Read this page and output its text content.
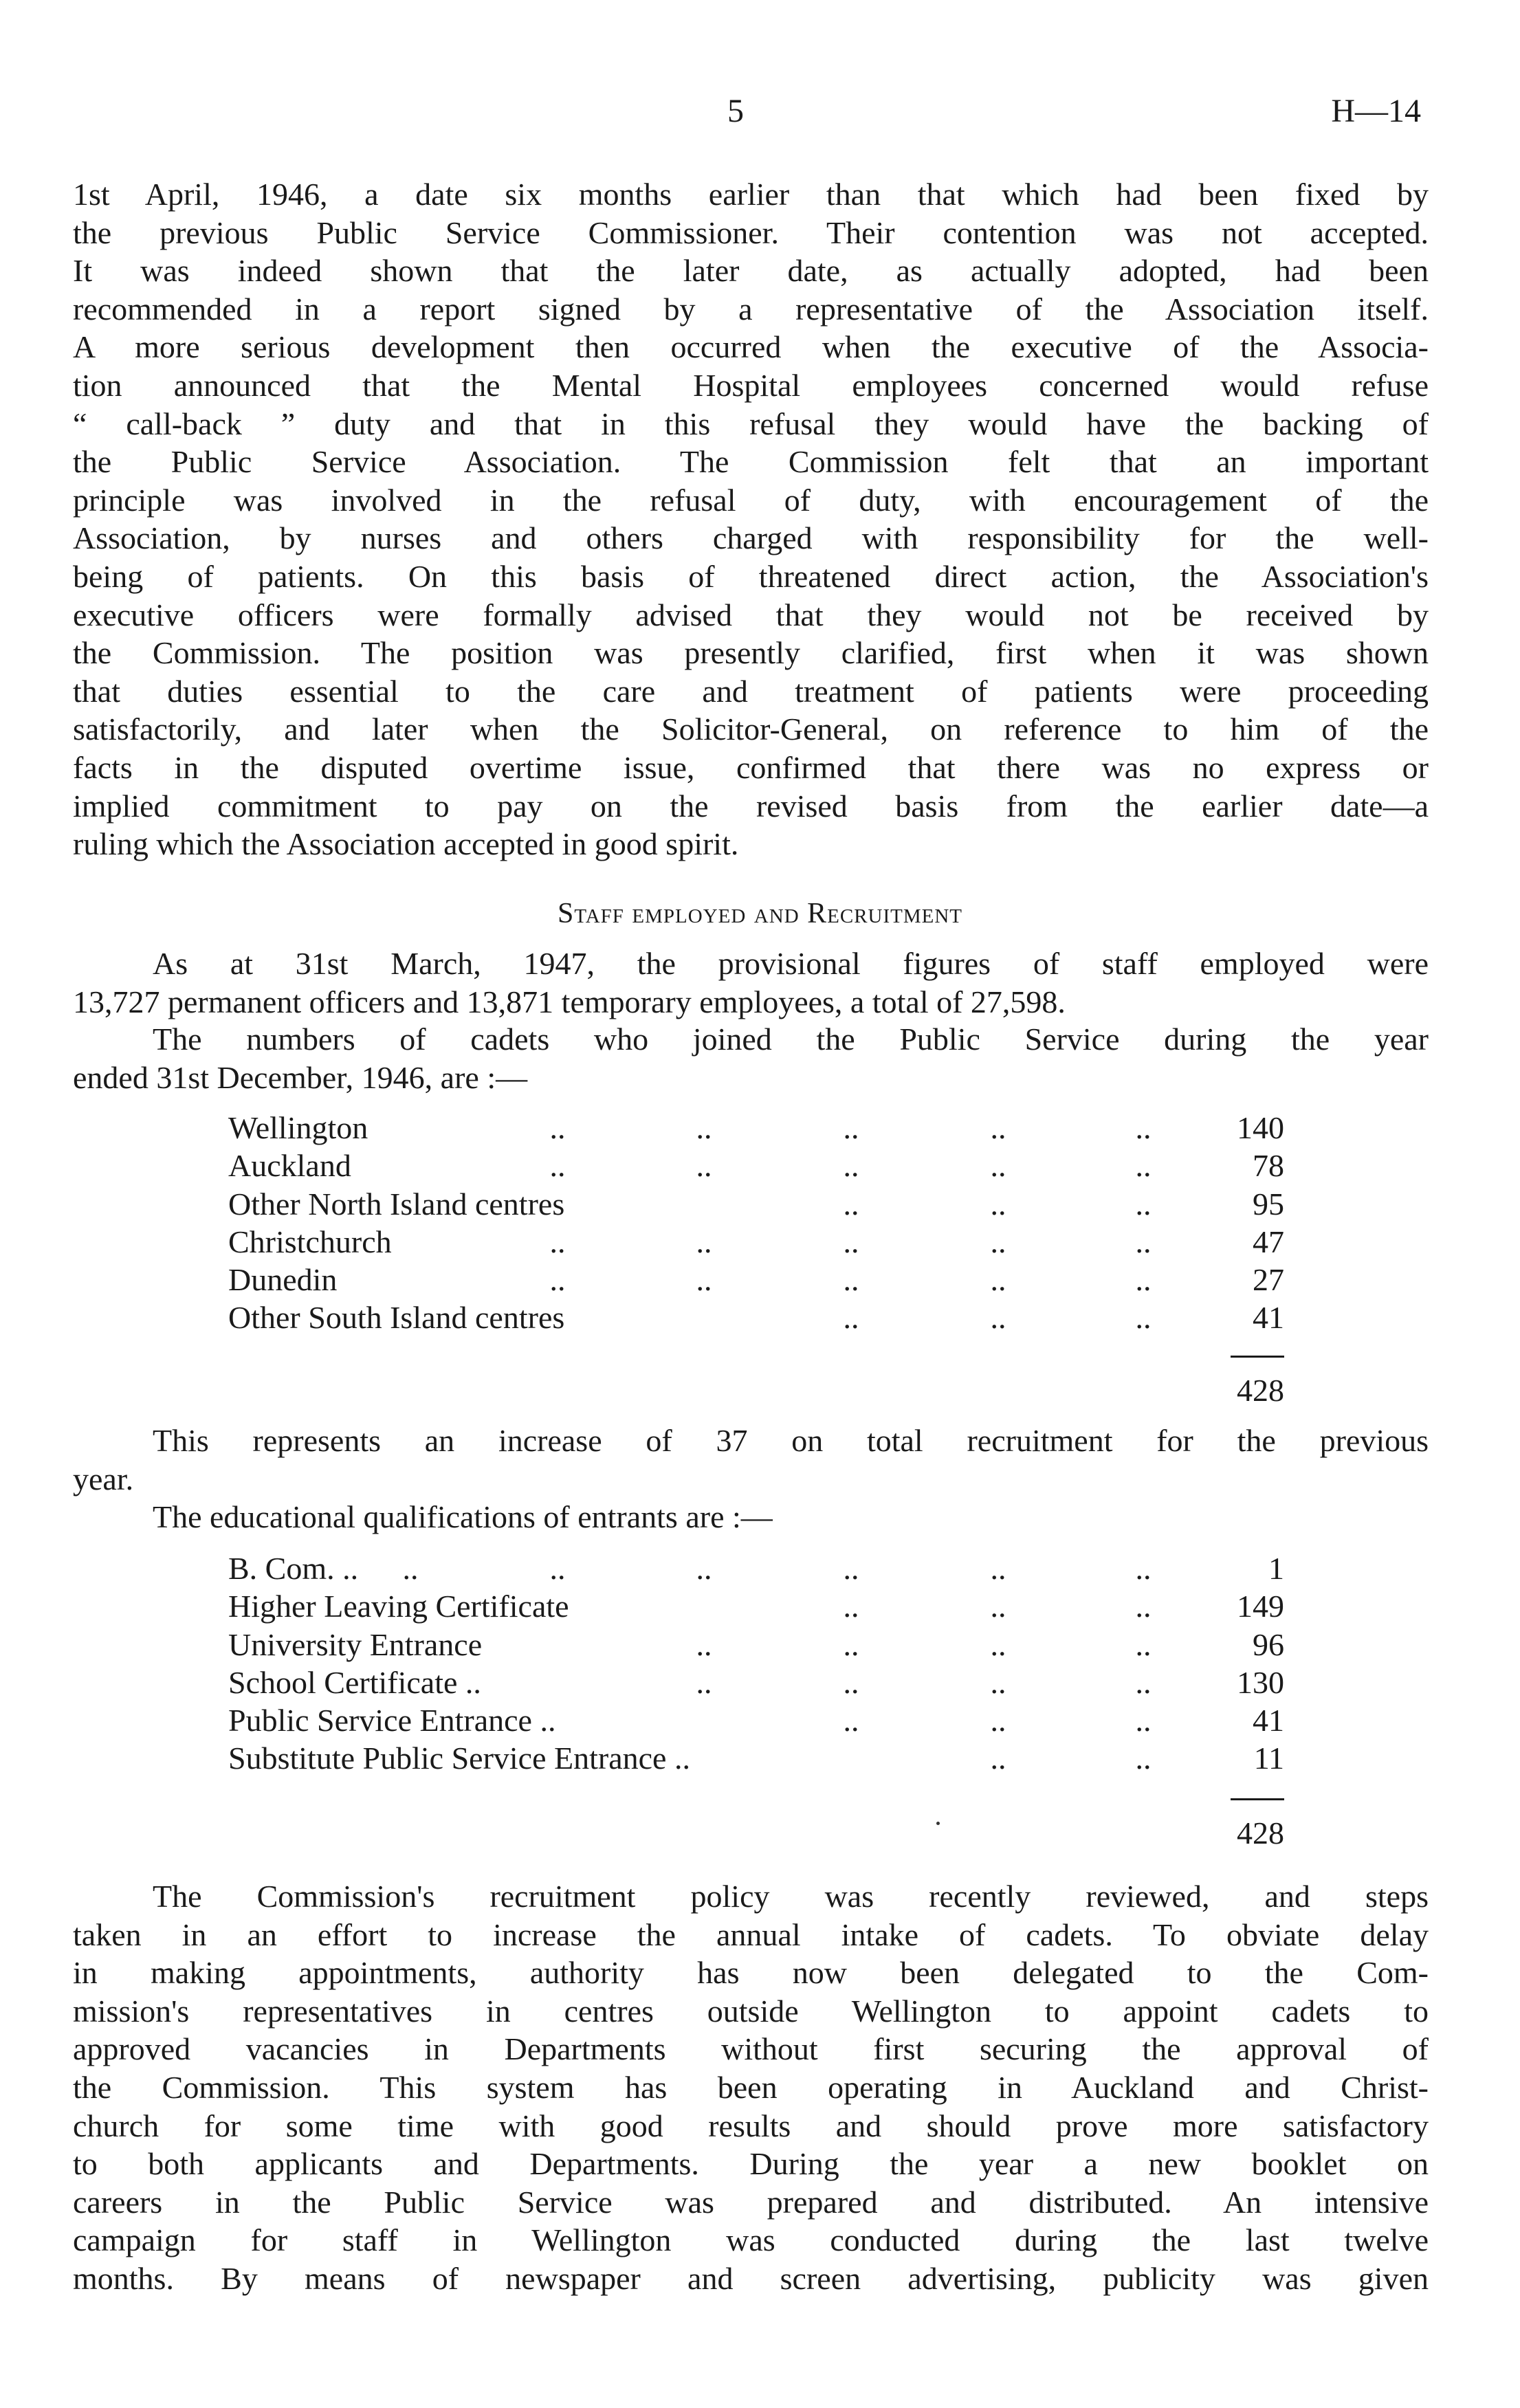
5	H—14
1st April, 1946, a date six months earlier than that which had been fixed by
the previous Public Service Commissioner. Their contention was not accepted.
It was indeed shown that the later date, as actually adopted, had been
recommended in a report signed by a representative of the Association itself.
A more serious development then occurred when the executive of the Associa-
tion announced that the Mental Hospital employees concerned would refuse
“ call-back ” duty and that in this refusal they would have the backing of
the Public Service Association. The Commission felt that an important
principle was involved in the refusal of duty, with encouragement of the
Association, by nurses and others charged with responsibility for the well-
being of patients. On this basis of threatened direct action, the Association's
executive officers were formally advised that they would not be received by
the Commission. The position was presently clarified, first when it was shown
that duties essential to the care and treatment of patients were proceeding
satisfactorily, and later when the Solicitor-General, on reference to him of the
facts in the disputed overtime issue, confirmed that there was no express or
implied commitment to pay on the revised basis from the earlier date—a
ruling which the Association accepted in good spirit.
Staff employed and Recruitment
As at 31st March, 1947, the provisional figures of staff employed were
13,727 permanent officers and 13,871 temporary employees, a total of 27,598.
The numbers of cadets who joined the Public Service during the year
ended 31st December, 1946, are :—
Wellington	..
..
..
..
..	140
Auckland	..
..
..
..
..	78
Other North Island centres	..
..
..	95
Christchurch	..
..
..
..
..	47
Dunedin	..
..
..
..
..	27
Other South Island centres	..
..
..	41
428
This represents an increase of 37 on total recruitment for the previous
year.
The educational qualifications of entrants are :—
B. Com. ..	..
..
..
..
..
..	1
Higher Leaving Certificate	..
..
..	149
University Entrance	..
..
..
..	96
School Certificate ..	..
..
..
..	130
Public Service Entrance ..	..
..
..	41
Substitute Public Service Entrance ..	..
..	11
428
The Commission's recruitment policy was recently reviewed, and steps
taken in an effort to increase the annual intake of cadets. To obviate delay
in making appointments, authority has now been delegated to the Com-
mission's representatives in centres outside Wellington to appoint cadets to
approved vacancies in Departments without first securing the approval of
the Commission. This system has been operating in Auckland and Christ-
church for some time with good results and should prove more satisfactory
to both applicants and Departments. During the year a new booklet on
careers in the Public Service was prepared and distributed. An intensive
campaign for staff in Wellington was conducted during the last twelve
months. By means of newspaper and screen advertising, publicity was given
